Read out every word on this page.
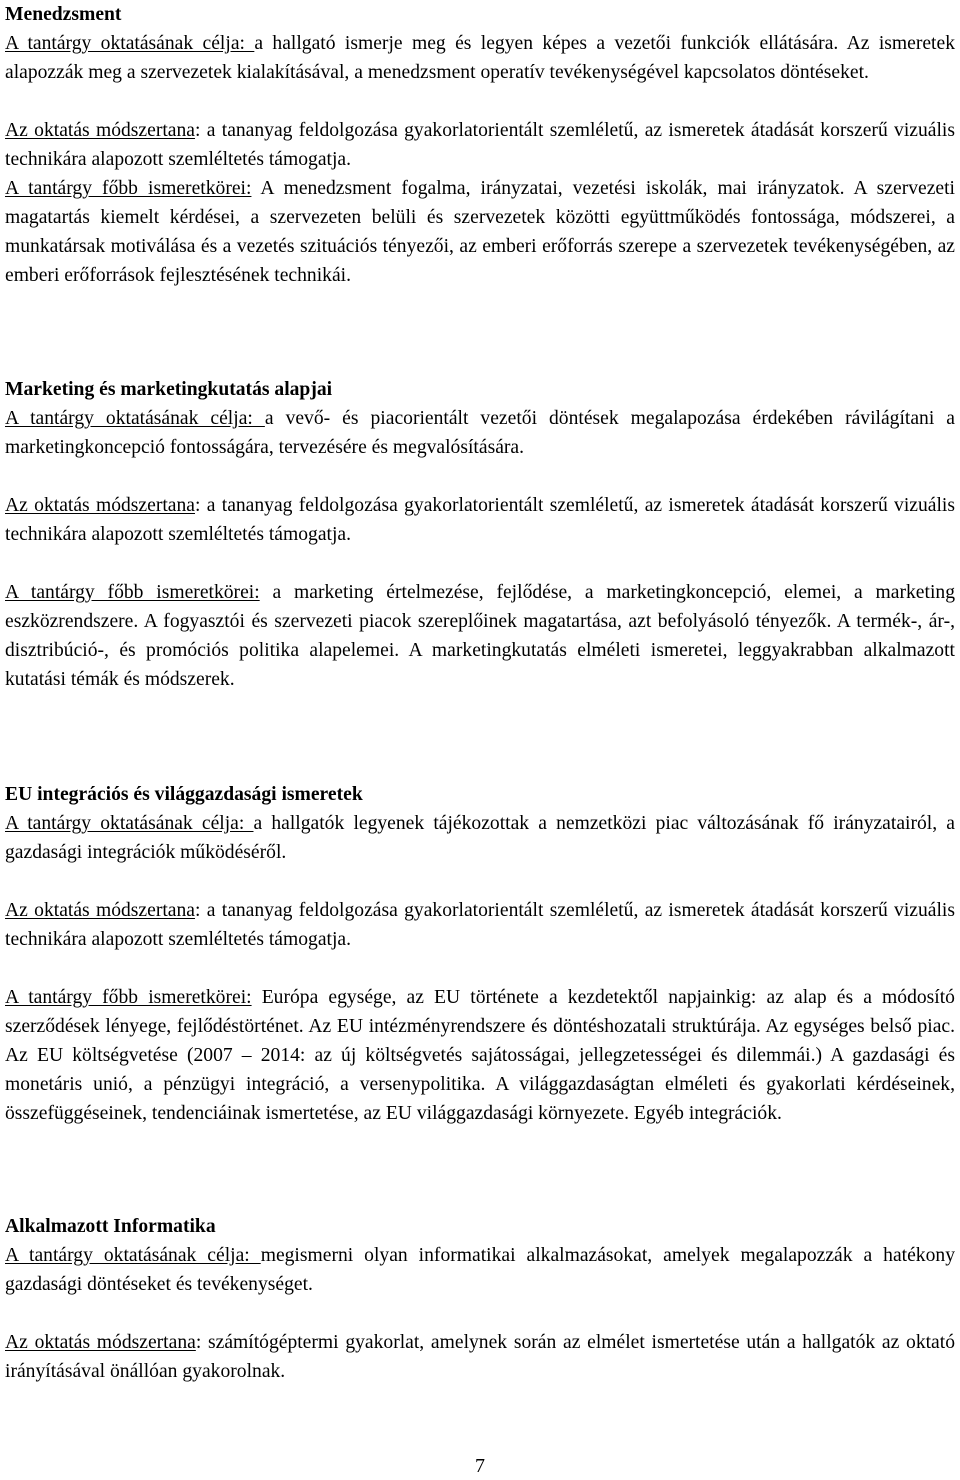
Menedzsment

A tantárgy oktatásának célja: a hallgató ismerje meg és legyen képes a vezetői funkciók ellátására. Az ismeretek alapozzák meg a szervezetek kialakításával, a menedzsment operatív tevékenységével kapcsolatos döntéseket.

Az oktatás módszertana: a tananyag feldolgozása gyakorlatorientált szemléletű, az ismeretek átadását korszerű vizuális technikára alapozott szemléltetés támogatja.

A tantárgy főbb ismeretkörei: A menedzsment fogalma, irányzatai, vezetési iskolák, mai irányzatok. A szervezeti magatartás kiemelt kérdései, a szervezeten belüli és szervezetek közötti együttműködés fontossága, módszerei, a munkatársak motiválása és a vezetés szituációs tényezői, az emberi erőforrás szerepe a szervezetek tevékenységében, az emberi erőforrások fejlesztésének technikái.

Marketing és marketingkutatás alapjai

A tantárgy oktatásának célja: a vevő- és piacorientált vezetői döntések megalapozása érdekében rávilágítani a marketingkoncepció fontosságára, tervezésére és megvalósítására.

Az oktatás módszertana: a tananyag feldolgozása gyakorlatorientált szemléletű, az ismeretek átadását korszerű vizuális technikára alapozott szemléltetés támogatja.

A tantárgy főbb ismeretkörei: a marketing értelmezése, fejlődése, a marketingkoncepció, elemei, a marketing eszközrendszere. A fogyasztói és szervezeti piacok szereplőinek magatartása, azt befolyásoló tényezők. A termék-, ár-, disztribúció-, és promóciós politika alapelemei. A marketingkutatás elméleti ismeretei, leggyakrabban alkalmazott kutatási témák és módszerek.

EU integrációs és világgazdasági ismeretek

A tantárgy oktatásának célja: a hallgatók legyenek tájékozottak a nemzetközi piac változásának fő irányzatairól, a gazdasági integrációk működéséről.

Az oktatás módszertana: a tananyag feldolgozása gyakorlatorientált szemléletű, az ismeretek átadását korszerű vizuális technikára alapozott szemléltetés támogatja.

A tantárgy főbb ismeretkörei: Európa egysége, az EU története a kezdetektől napjainkig: az alap és a módosító szerződések lényege, fejlődéstörténet. Az EU intézményrendszere és döntéshozatali struktúrája. Az egységes belső piac. Az EU költségvetése (2007 – 2014: az új költségvetés sajátosságai, jellegzetességei és dilemmái.) A gazdasági és monetáris unió, a pénzügyi integráció, a versenypolitika. A világgazdaságtan elméleti és gyakorlati kérdéseinek, összefüggéseinek, tendenciáinak ismertetése, az EU világgazdasági környezete. Egyéb integrációk.

Alkalmazott Informatika

A tantárgy oktatásának célja: megismerni olyan informatikai alkalmazásokat, amelyek megalapozzák a hatékony gazdasági döntéseket és tevékenységet.

Az oktatás módszertana: számítógéptermi gyakorlat, amelynek során az elmélet ismertetése után a hallgatók az oktató irányításával önállóan gyakorolnak.

7
